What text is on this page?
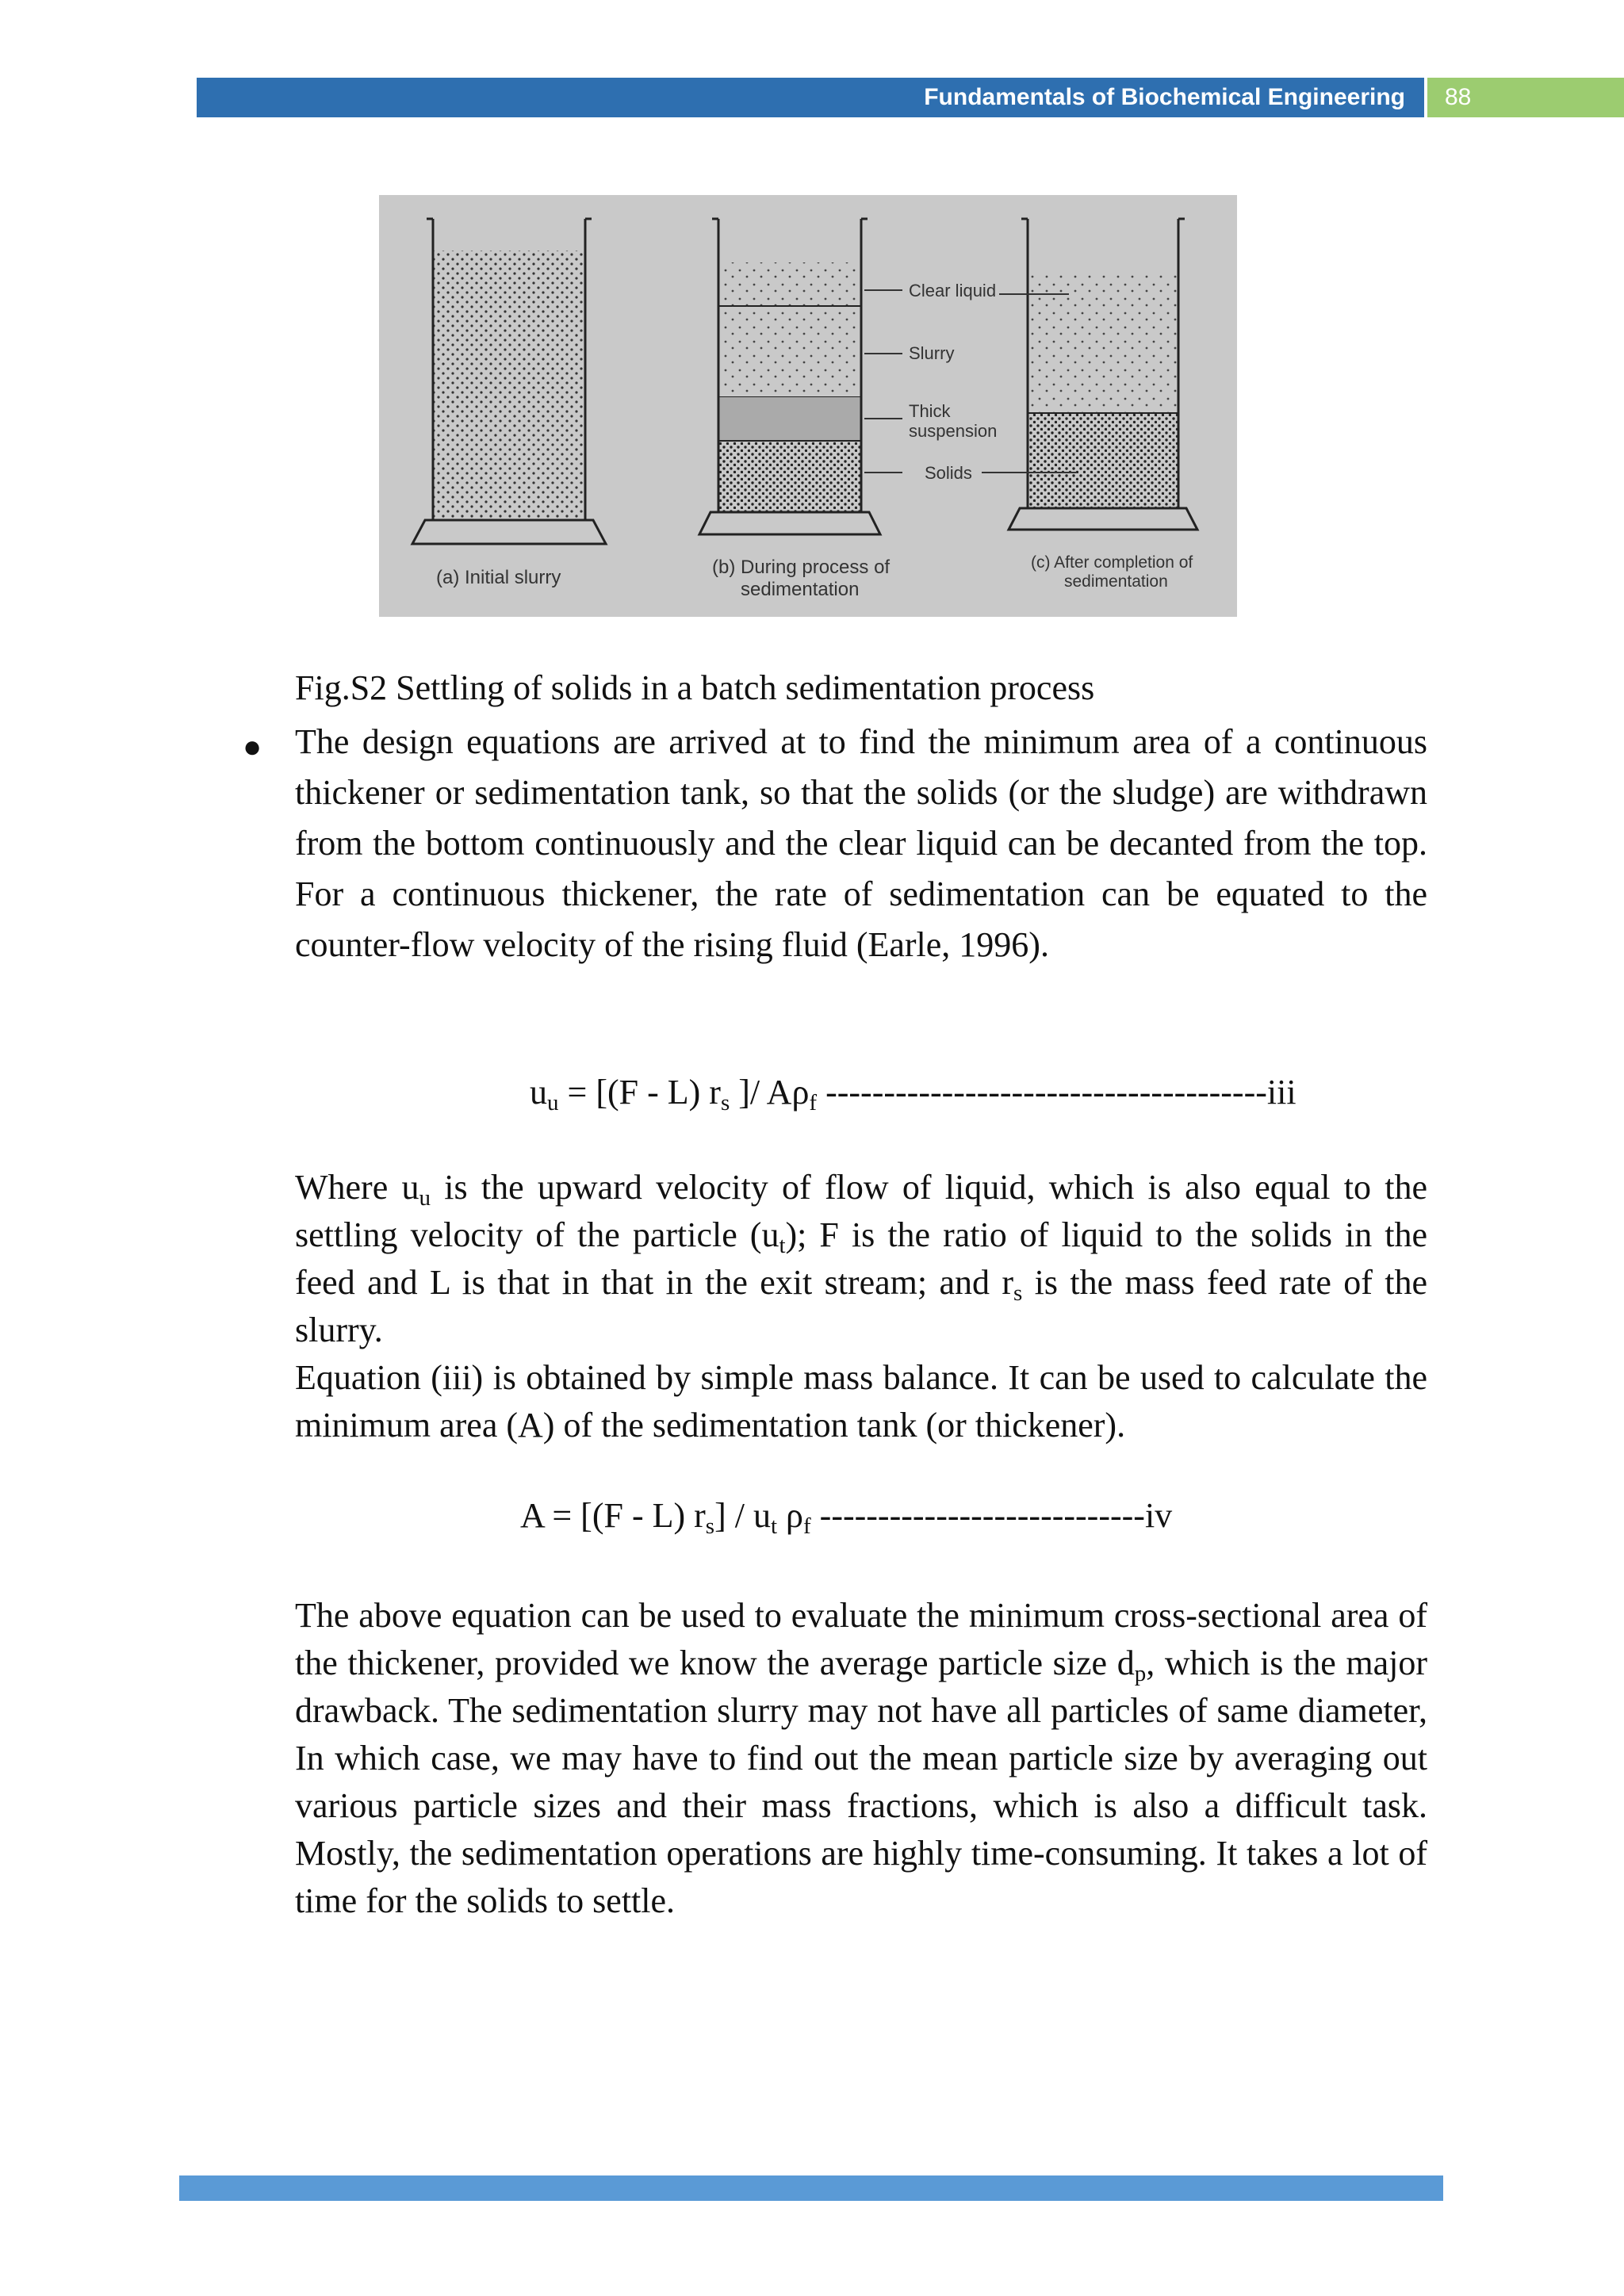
Fundamentals of Biochemical Engineering	88
Clear liquid
Slurry
Thick
suspension
Solids
(a) Initial slurry	(b) During process of
sedimentation
(c) After completion of
sedimentation
Fig.S2 Settling of solids in a batch sedimentation process
● The design equations are arrived at to find the minimum area of a continuous thickener or sedimentation tank, so that the solids (or the sludge) are withdrawn from the bottom continuously and the clear liquid can be decanted from the top. For a continuous thickener, the rate of sedimentation can be equated to the counter-flow velocity of the rising fluid (Earle, 1996).
$u_u = [(F - L)$ $r_s$ ]/ $A\rho_f$ --------------------------------------iii
Where $u_u$ is the upward velocity of flow of liquid, which is also equal to the settling velocity of the particle $(u_t)$; F is the ratio of liquid to the solids in the feed and L is that in that in the exit stream; and $r_s$ is the mass feed rate of the slurry.
Equation (iii) is obtained by simple mass balance. It can be used to calculate the minimum area (A) of the sedimentation tank (or thickener).
A = [(F - L) $r_s] / u_t$ $\rho_f$ ----------------------------iv
The above equation can be used to evaluate the minimum cross-sectional area of the thickener, provided we know the average particle size $d_p$, which is the major drawback. The sedimentation slurry may not have all particles of same diameter, In which case, we may have to find out the mean particle size by averaging out various particle sizes and their mass fractions, which is also a difficult task. Mostly, the sedimentation operations are highly time-consuming. It takes a lot of time for the solids to settle.
